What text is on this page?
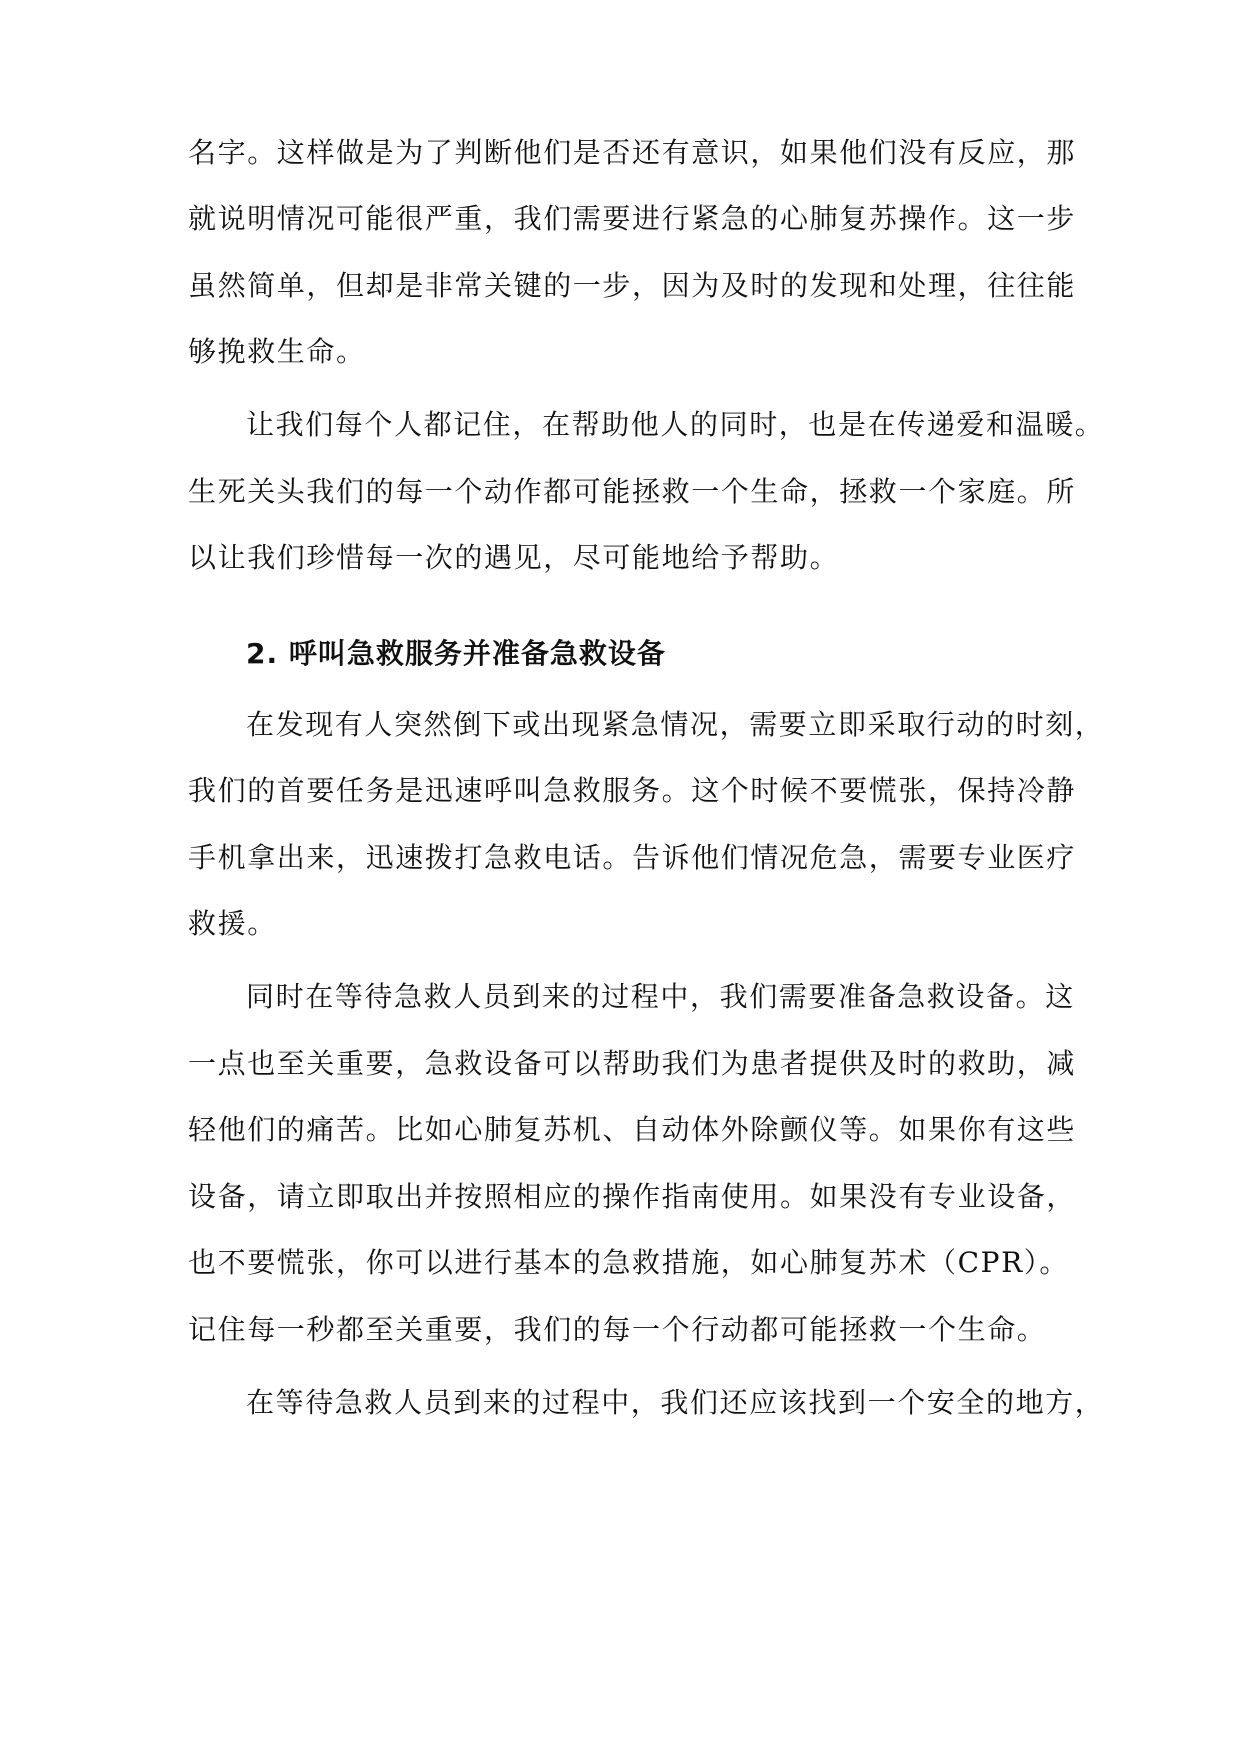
名字。这样做是为了判断他们是否还有意识，如果他们没有反应，那
就说明情况可能很严重，我们需要进行紧急的心肺复苏操作。这一步
虽然简单，但却是非常关键的一步，因为及时的发现和处理，往往能
够挽救生命。
让我们每个人都记住，在帮助他人的同时，也是在传递爱和温暖。
生死关头我们的每一个动作都可能拯救一个生命，拯救一个家庭。所
以让我们珍惜每一次的遇见，尽可能地给予帮助。
2. 呼叫急救服务并准备急救设备
在发现有人突然倒下或出现紧急情况，需要立即采取行动的时刻，
我们的首要任务是迅速呼叫急救服务。这个时候不要慌张，保持冷静
手机拿出来，迅速拨打急救电话。告诉他们情况危急，需要专业医疗
救援。
同时在等待急救人员到来的过程中，我们需要准备急救设备。这
一点也至关重要，急救设备可以帮助我们为患者提供及时的救助，减
轻他们的痛苦。比如心肺复苏机、自动体外除颤仪等。如果你有这些
设备，请立即取出并按照相应的操作指南使用。如果没有专业设备，
也不要慌张，你可以进行基本的急救措施，如心肺复苏术（CPR）。
记住每一秒都至关重要，我们的每一个行动都可能拯救一个生命。
在等待急救人员到来的过程中，我们还应该找到一个安全的地方，
